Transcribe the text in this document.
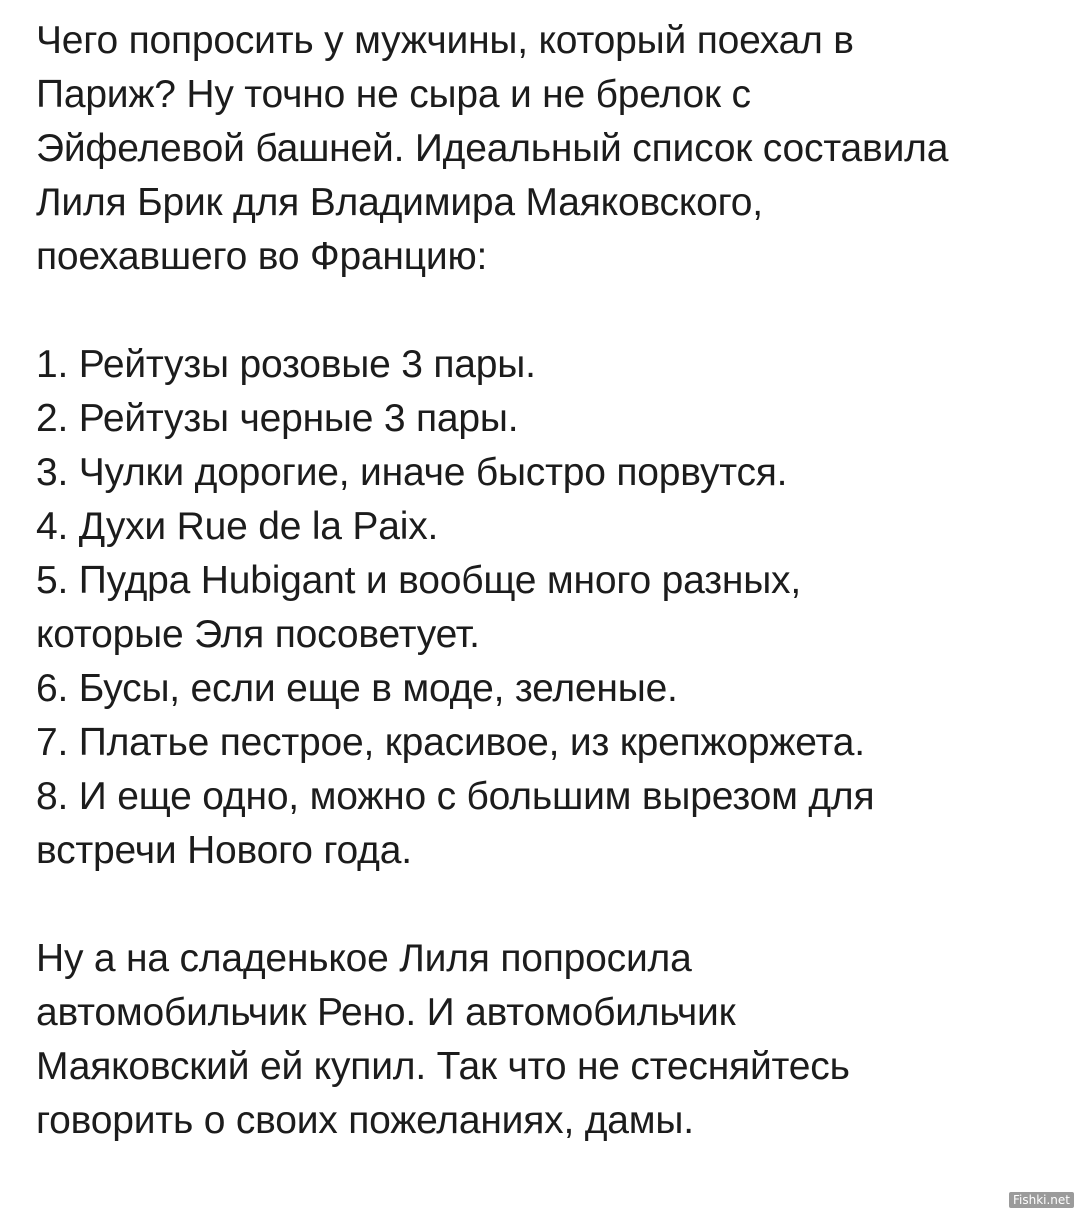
Чего попросить у мужчины, который поехал в
Париж? Ну точно не сыра и не брелок с
Эйфелевой башней. Идеальный список составила
Лиля Брик для Владимира Маяковского,
поехавшего во Францию:
1. Рейтузы розовые 3 пары.
2. Рейтузы черные 3 пары.
3. Чулки дорогие, иначе быстро порвутся.
4. Духи Rue de la Paix.
5. Пудра Hubigant и вообще много разных,
которые Эля посоветует.
6. Бусы, если еще в моде, зеленые.
7. Платье пестрое, красивое, из крепжоржета.
8. И еще одно, можно с большим вырезом для
встречи Нового года.
Ну а на сладенькое Лиля попросила
автомобильчик Рено. И автомобильчик
Маяковский ей купил. Так что не стесняйтесь
говорить о своих пожеланиях, дамы.
Fishki.net
